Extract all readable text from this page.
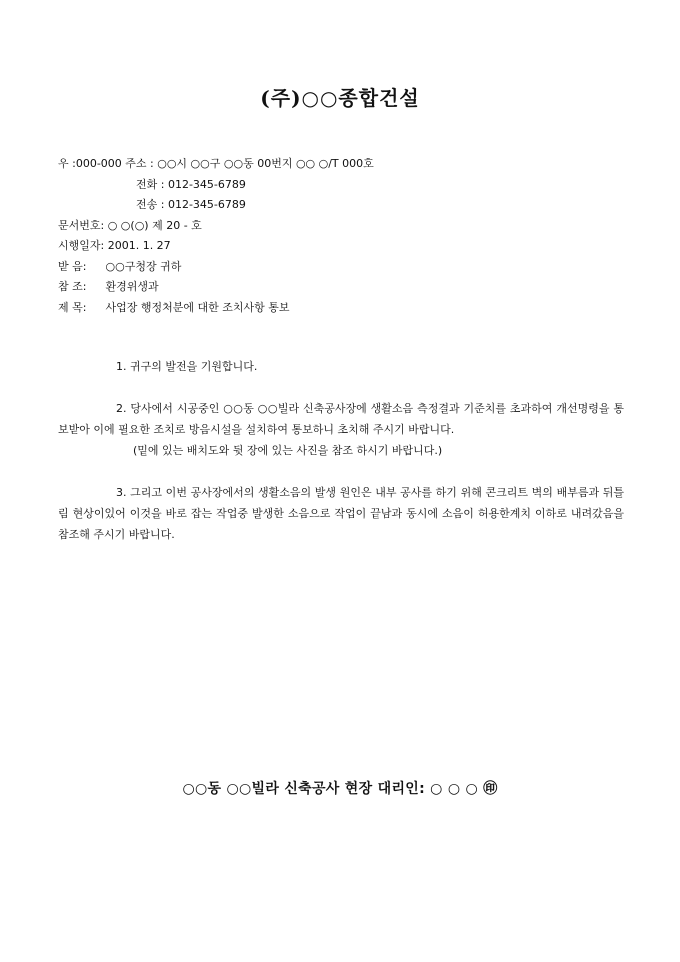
(주)○○종합건설
우 :000-000 주소 : ○○시 ○○구 ○○동 00번지 ○○ ○/T 000호
전화 : 012-345-6789
전송 : 012-345-6789
문서번호: ○ ○(○) 제 20 - 호
시행일자: 2001. 1. 27
받 음: ○○구청장 귀하
참 조: 환경위생과
제 목: 사업장 행정처분에 대한 조치사항 통보

1. 귀구의 발전을 기원합니다.

2. 당사에서 시공중인 ○○동 ○○빌라 신축공사장에 생활소음 측정결과 기준치를 초과하여 개선명령을 통보받아 이에 필요한 조치로 방음시설을 설치하여 통보하니 초치해 주시기 바랍니다.

(밑에 있는 배치도와 뒷 장에 있는 사진을 참조 하시기 바랍니다.)

3. 그리고 이번 공사장에서의 생활소음의 발생 원인은 내부 공사를 하기 위해 콘크리트 벽의 배부름과 뒤틀림 현상이있어 이것을 바로 잡는 작업중 발생한 소음으로 작업이 끝남과 동시에 소음이 허용한계치 이하로 내려갔음을 참조해 주시기 바랍니다.

○○동 ○○빌라 신축공사 현장 대리인: ○ ○ ○ ㊞
